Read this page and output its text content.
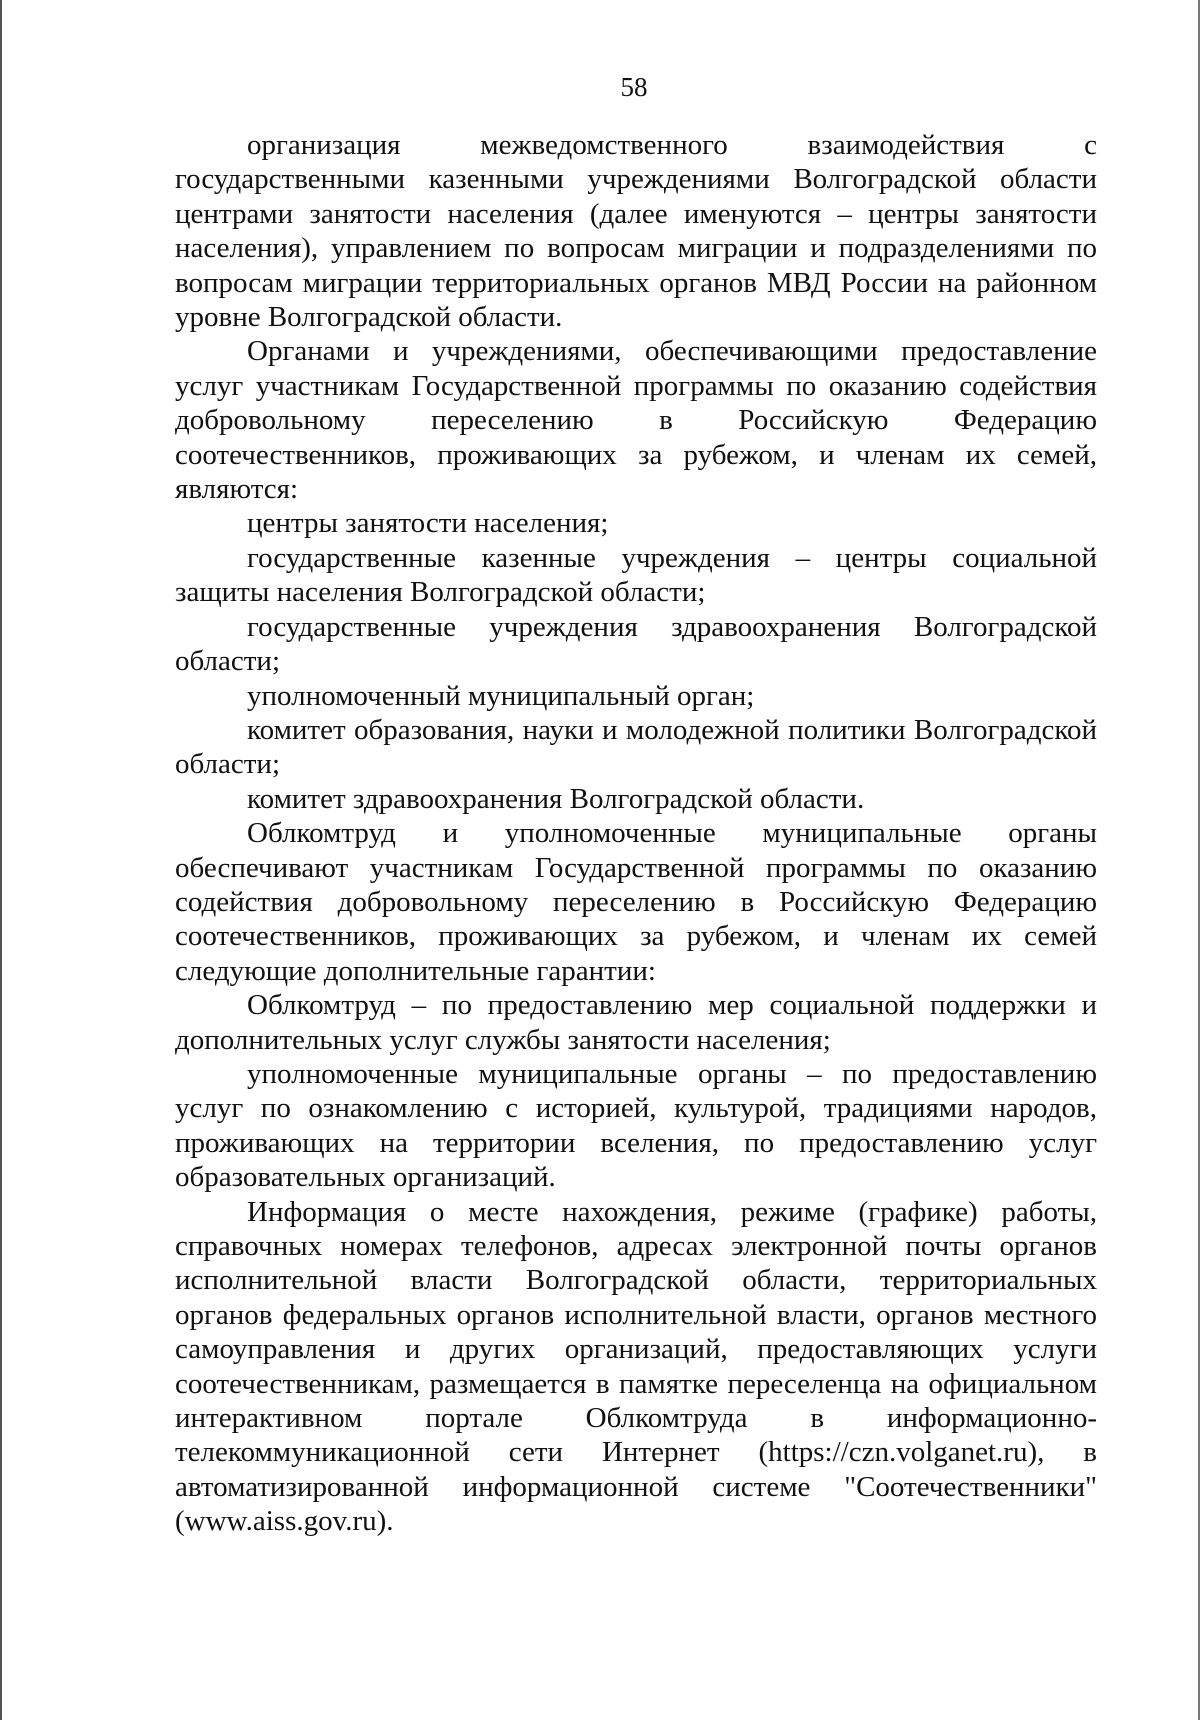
58

организация межведомственного взаимодействия с государственными казенными учреждениями Волгоградской области центрами занятости населения (далее именуются – центры занятости населения), управлением по вопросам миграции и подразделениями по вопросам миграции территориальных органов МВД России на районном уровне Волгоградской области.

Органами и учреждениями, обеспечивающими предоставление услуг участникам Государственной программы по оказанию содействия добровольному переселению в Российскую Федерацию соотечественников, проживающих за рубежом, и членам их семей, являются:

центры занятости населения;

государственные казенные учреждения – центры социальной защиты населения Волгоградской области;

государственные учреждения здравоохранения Волгоградской области;

уполномоченный муниципальный орган;

комитет образования, науки и молодежной политики Волгоградской области;

комитет здравоохранения Волгоградской области.

Облкомтруд и уполномоченные муниципальные органы обеспечивают участникам Государственной программы по оказанию содействия добровольному переселению в Российскую Федерацию соотечественников, проживающих за рубежом, и членам их семей следующие дополнительные гарантии:

Облкомтруд – по предоставлению мер социальной поддержки и дополнительных услуг службы занятости населения;

уполномоченные муниципальные органы – по предоставлению услуг по ознакомлению с историей, культурой, традициями народов, проживающих на территории вселения, по предоставлению услуг образовательных организаций.

Информация о месте нахождения, режиме (графике) работы, справочных номерах телефонов, адресах электронной почты органов исполнительной власти Волгоградской области, территориальных органов федеральных органов исполнительной власти, органов местного самоуправления и других организаций, предоставляющих услуги соотечественникам, размещается в памятке переселенца на официальном интерактивном портале Облкомтруда в информационно-телекоммуникационной сети Интернет (https://czn.volganet.ru), в автоматизированной информационной системе "Соотечественники" (www.aiss.gov.ru).
